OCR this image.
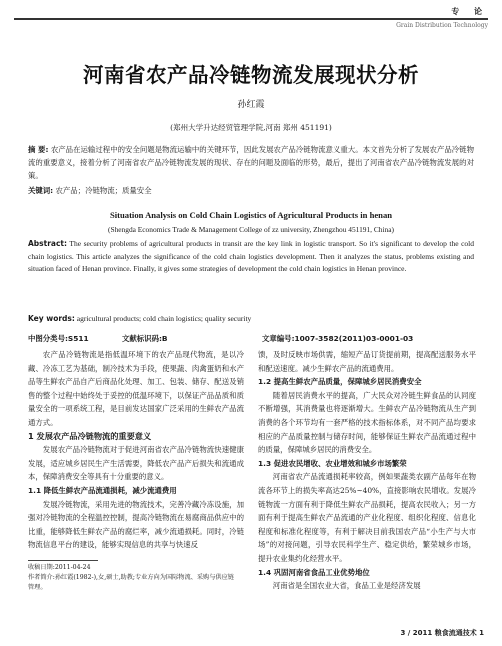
专 论
Grain Distribution Technology
河南省农产品冷链物流发展现状分析
孙红霞
(郑州大学升达经贸管理学院,河南 郑州 451191)
摘 要: 农产品在运输过程中的安全问题是物流运输中的关键环节，因此发展农产品冷链物流意义重大。本文首先分析了发展农产品冷链物流的重要意义，接着分析了河南省农产品冷链物流发展的现状、存在的问题及面临的形势，最后，提出了河南省农产品冷链物流发展的对策。
关键词: 农产品；冷链物流；质量安全
Situation Analysis on Cold Chain Logistics of Agricultural Products in henan
(Shengda Economics Trade & Management College of zz university, Zhengzhou 451191, China)
Abstract: The security problems of agricultural products in transit are the key link in logistic transport. So it's significant to develop the cold chain logistics. This article analyzes the significance of the cold chain logistics development. Then it analyzes the status, problems existing and situation faced of Henan province. Finally, it gives some strategies of development the cold chain logistics in Henan province.
Key words: agricultural products; cold chain logistics; quality security
中图分类号:S511	文献标识码:B	文章编号:1007-3582(2011)03-0001-03

农产品冷链物流是指低温环境下的农产品现代物流，是以冷藏、冷冻工艺为基础，制冷技术为手段，使果蔬、肉禽蛋奶和水产品等生鲜农产品自产后商品化处理、加工、包装、储存、配送及销售的整个过程中始终处于妥控的低温环境下，以保证产品品质和质量安全的一项系统工程，是目前发达国家广泛采用的生鲜农产品流通方式。

1 发展农产品冷链物流的重要意义

发展农产品冷链物流对于促进河南省农产品冷链物流快速健康发展，适应城乡居民生产生活需要，降低农产品产后损失和流通成本，保障消费安全等具有十分重要的意义。

1.1 降低生鲜农产品流通损耗，减少流通费用

发展冷链物流，采用先进的物流技术，完善冷藏冷冻设施，加强对冷链物流的全程温控控制，提高冷链物流在易腐商品供应中的比重，能够降低生鲜农产品的腐烂率，减少流通损耗。同时，冷链物流信息平台的建设，能够实现信息的共享与快速反

收稿日期:2011-04-24
作者简介:孙红霞(1982-),女,硕士,助教;专业方向为国际物流、采购与供应链管理。

馈，及时反映市场供需，缩短产品订货提前期，提高配送服务水平和配送速度。减少生鲜农产品的流通费用。

1.2 提高生鲜农产品质量，保障城乡居民消费安全

随着居民消费水平的提高，广大民众对冷链生鲜食品的认同度不断增强，其消费量也将逐渐增大。生鲜农产品冷链物流从生产到消费的各个环节均有一套严格的技术指标体系，对不同产品均要求相应的产品质量控制与储存时间，能够保证生鲜农产品流通过程中的质量，保障城乡居民的消费安全。

1.3 促进农民增收、农业增效和城乡市场繁荣

河南省农产品流通损耗率较高，例如果蔬类农副产品每年在物流各环节上的损失率高达25%~40%，直接影响农民增收。发展冷链物流一方面有利于降低生鲜农产品损耗，提高农民收入；另一方面有利于提高生鲜农产品流通的产业化程度、组织化程度、信息化程度和标准化程度等，有利于解决目前我国农产品“小生产与大市场”的对接问题，引导农民科学生产、稳定供给，繁荣城乡市场，提升农业集约化经营水平。

1.4 巩固河南省食品工业优势地位

河南省是全国农业大省，食品工业是经济发展

3 / 2011 粮食流通技术 1
